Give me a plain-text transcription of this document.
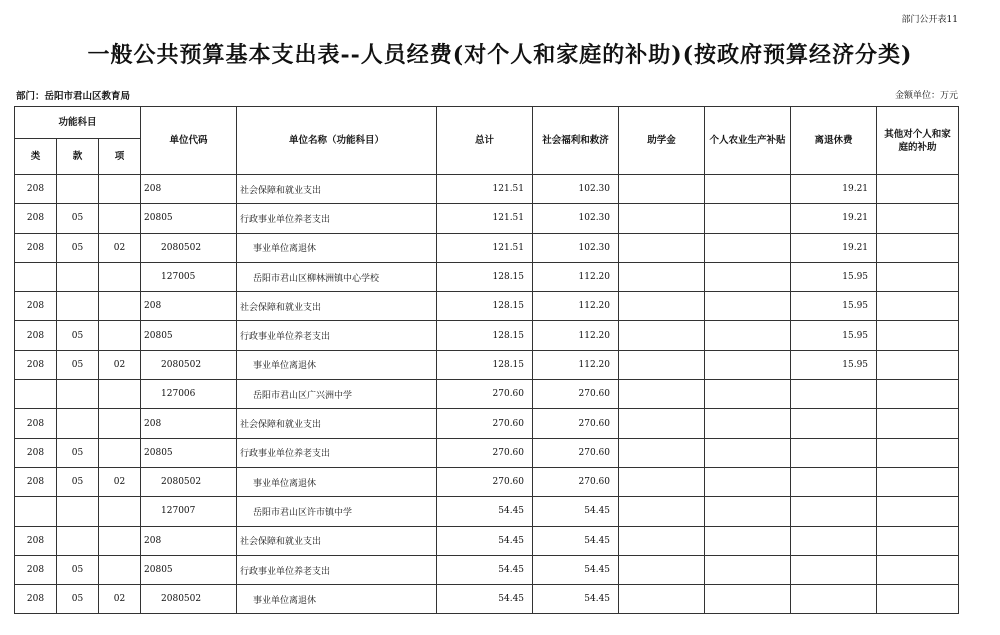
部门公开表11
一般公共预算基本支出表--人员经费(对个人和家庭的补助)(按政府预算经济分类)
部门：岳阳市君山区教育局	金额单位：万元
功能科目			单位代码	单位名称（功能科目）	总计	社会福利和救济	助学金	个人农业生产补贴	离退休费	其他对个人和家庭的补助
类	款	项								
208			208	社会保障和就业支出	121.51	102.30			19.21	
208	05		20805	行政事业单位养老支出	121.51	102.30			19.21	
208	05	02	2080502	事业单位离退休	121.51	102.30			19.21	
			127005	岳阳市君山区柳林洲镇中心学校	128.15	112.20			15.95	
208			208	社会保障和就业支出	128.15	112.20			15.95	
208	05		20805	行政事业单位养老支出	128.15	112.20			15.95	
208	05	02	2080502	事业单位离退休	128.15	112.20			15.95	
			127006	岳阳市君山区广兴洲中学	270.60	270.60				
208			208	社会保障和就业支出	270.60	270.60				
208	05		20805	行政事业单位养老支出	270.60	270.60				
208	05	02	2080502	事业单位离退休	270.60	270.60				
			127007	岳阳市君山区许市镇中学	54.45	54.45				
208			208	社会保障和就业支出	54.45	54.45				
208	05		20805	行政事业单位养老支出	54.45	54.45				
208	05	02	2080502	事业单位离退休	54.45	54.45				
